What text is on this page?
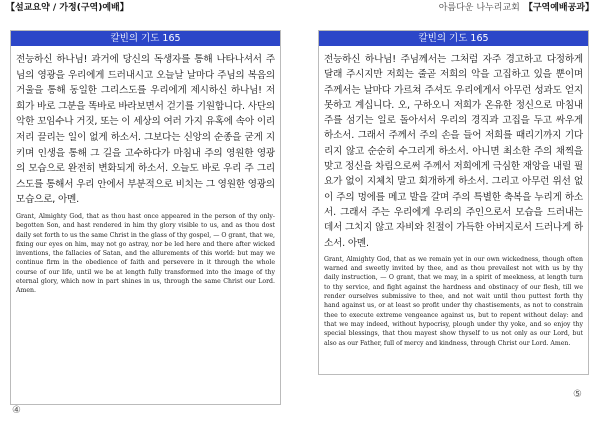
【설교요약 / 가정(구역)예배】	아름다운 나누리교회 【구역예배공과】
칼빈의 기도 165
전능하신 하나님! 과거에 당신의 독생자를 통해 나타나셔서 주님의 영광을 우리에게 드러내시고 오늘날 날마다 주님의 복음의 거울을 통해 동일한 그리스도를 우리에게 제시하신 하나님! 저희가 바로 그분을 똑바로 바라보면서 걷기를 기원합니다. 사단의 악한 꼬임수나 거짓, 또는 이 세상의 여러 가지 유혹에 속아 이리저리 끌리는 일이 없게 하소서. 그보다는 신앙의 순종을 굳게 지키며 인생을 통해 그 길을 고수하다가 마침내 주의 영원한 영광의 모습으로 완전히 변화되게 하소서. 오늘도 바로 우리 주 그리스도를 통해서 우리 안에서 부분적으로 비치는 그 영원한 영광의 모습으로, 아멘.
Grant, Almighty God, that as thou hast once appeared in the person of thy only-begotten Son, and hast rendered in him thy glory visible to us, and as thou dost daily set forth to us the same Christ in the glass of thy gospel, — O grant, that we, fixing our eyes on him, may not go astray, nor be led here and there after wicked inventions, the fallacies of Satan, and the allurements of this world: but may we continue firm in the obedience of faith and persevere in it through the whole course of our life, until we be at length fully transformed into the image of thy eternal glory, which now in part shines in us, through the same Christ our Lord. Amen.
칼빈의 기도 165
전능하신 하나님! 주님께서는 그처럼 자주 경고하고 다정하게 달래 주시지만 저희는 줄곧 저희의 악을 고집하고 있을 뿐이며 주께서는 날마다 가르쳐 주셔도 우리에게서 아무런 성과도 얻지 못하고 계십니다. 오, 구하오니 저희가 온유한 정신으로 마침내 주를 섬기는 일로 돌아서서 우리의 경직과 고집을 두고 싸우게 하소서. 그래서 주께서 주의 손을 들어 저희를 때리기까지 기다리지 않고 순순히 수그리게 하소서. 아니면 최소한 주의 채찍을 맞고 정신을 차림으로써 주께서 저희에게 극심한 재앙을 내릴 필요가 없이 지체치 말고 회개하게 하소서. 그리고 아무런 위선 없이 주의 멍에를 메고 발을 갈며 주의 특별한 축복을 누리게 하소서. 그래서 주는 우리에게 우리의 주인으로서 모습을 드러내는 데서 그치지 않고 자비와 친절이 가득한 아버지로서 드러나게 하소서. 아멘.
Grant, Almighty God, that as we remain yet in our own wickedness, though often warned and sweetly invited by thee, and as thou prevailest not with us by thy daily instruction, — O grant, that we may, in a spirit of meekness, at length turn to thy service, and fight against the hardness and obstinacy of our flesh, till we render ourselves submissive to thee, and not wait until thou puttest forth thy hand against us, or at least so profit under thy chastisements, as not to constrain thee to execute extreme vengeance against us, but to repent without delay: and that we may indeed, without hypocrisy, plough under thy yoke, and so enjoy thy special blessings, that thou mayest show thyself to us not only as our Lord, but also as our Father, full of mercy and kindness, through Christ our Lord. Amen.
④
⑤
